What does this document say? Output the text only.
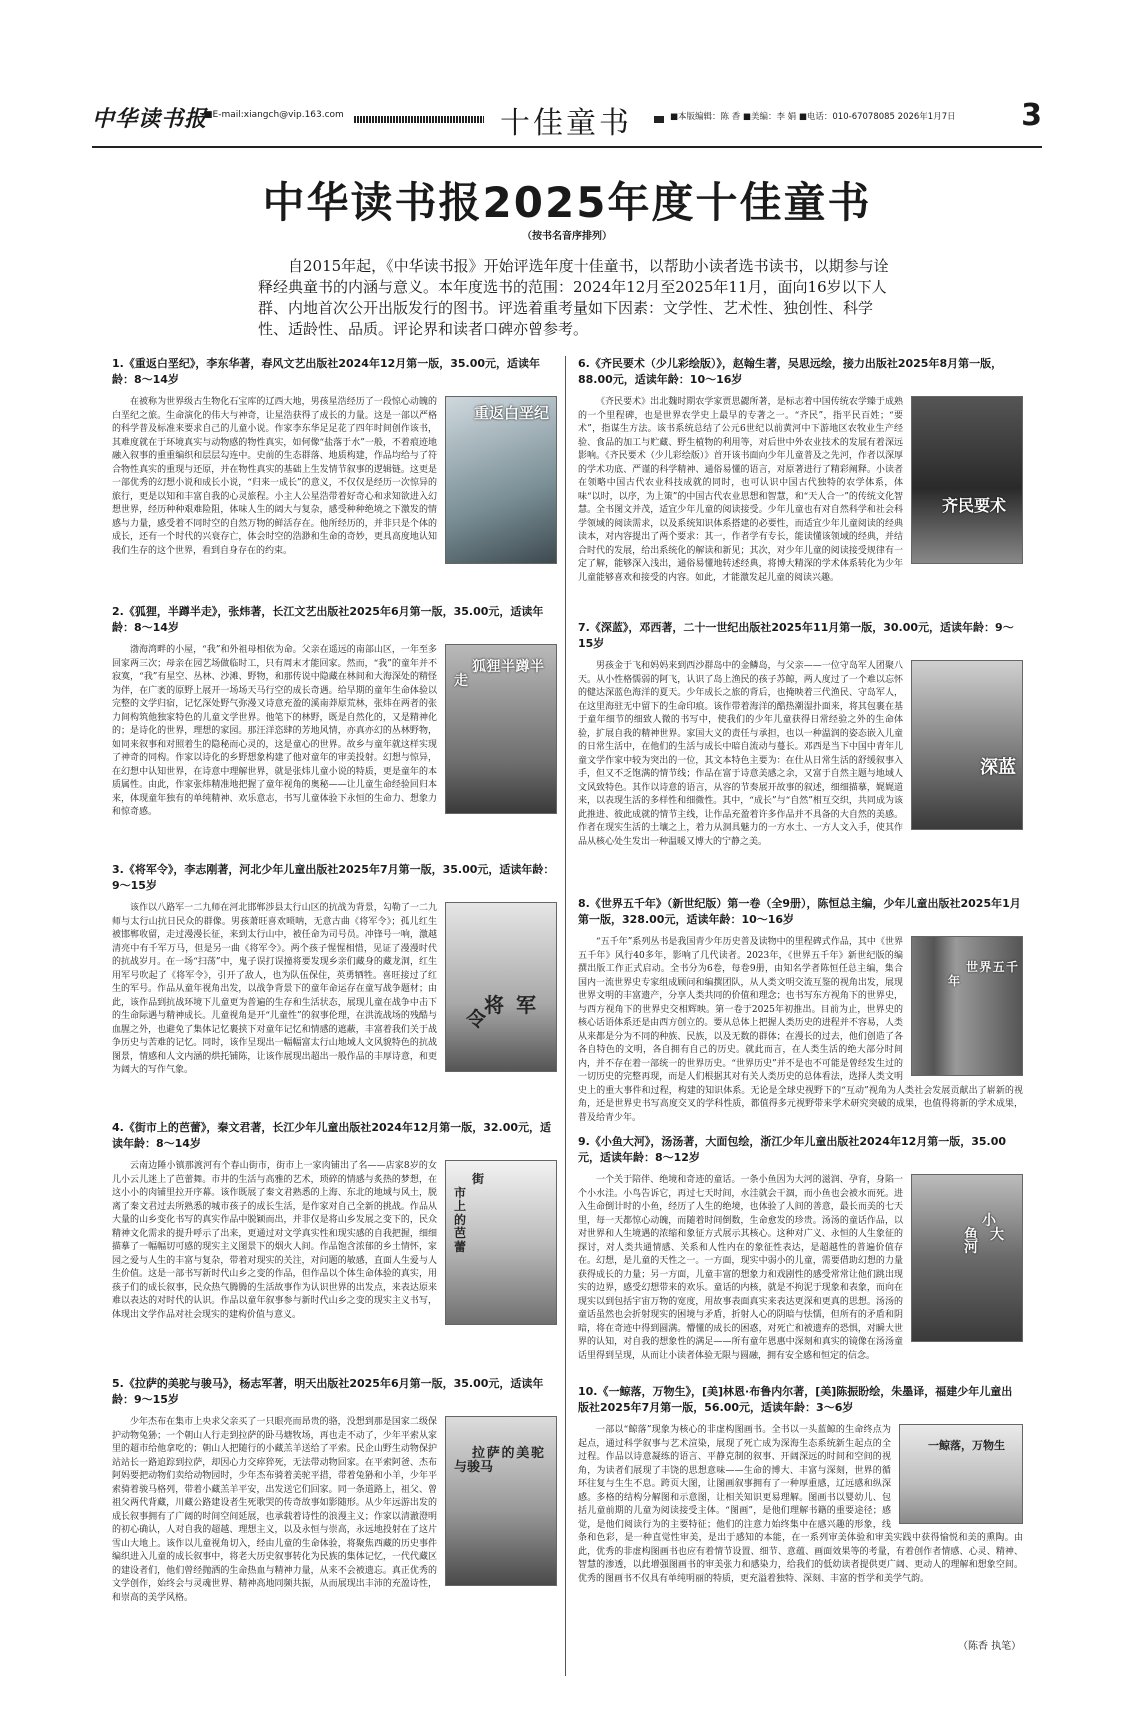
中华读书报
■E-mail:xiangch@vip.163.com	十佳童书	■本版编辑：陈 香 ■美编：李 娟 ■电话：010-67078085 2026年1月7日 3
中华读书报2025年度十佳童书
（按书名音序排列）
自2015年起，《中华读书报》开始评选年度十佳童书，以帮助小读者选书读书，以期参与诠释经典童书的内涵与意义。本年度选书的范围：2024年12月至2025年11月，面向16岁以下人群、内地首次公开出版发行的图书。评选着重考量如下因素：文学性、艺术性、独创性、科学性、适龄性、品质。评论界和读者口碑亦曾参考。
1.《重返白垩纪》，李东华著，春风文艺出版社2024年12月第一版，35.00元，适读年龄：8～14岁
重返白垩纪
在被称为世界级古生物化石宝库的辽西大地，男孩星浩经历了一段惊心动魄的白垩纪之旅。生命演化的伟大与神奇，让星浩获得了成长的力量。这是一部以严格的科学普及标准来要求自己的儿童小说。作家李东华足足花了四年时间创作该书，其难度就在于环境真实与动物感的物性真实，如何像“盐落于水”一般，不着痕迹地融入叙事的重重编织和层层勾连中。史前的生态群落、地质构建，作品均给与了符合物性真实的重现与还原，并在物性真实的基础上生发情节叙事的逻辑链。这更是一部优秀的幻想小说和成长小说，“归来一成长”的意义，不仅仅是经历一次惊异的旅行，更是以知和丰富自我的心灵旅程。小主人公星浩带着好奇心和求知欲进入幻想世界，经历种种艰难险阻，体味人生的阔大与复杂，感受种种绝境之下激发的情感与力量，感受着不同时空的自然万物的鲜活存在。他所经历的，并非只是个体的成长，还有一个时代的兴衰存亡，体会时空的浩渺和生命的奇妙，更具高度地认知我们生存的这个世界，看到自身存在的约束。
2.《狐狸，半蹲半走》，张炜著，长江文艺出版社2025年6月第一版，35.00元，适读年龄：8～14岁
狐狸半蹲半走
渤海湾畔的小屋，“我”和外祖母相依为命。父亲在遥远的南部山区，一年至多回家两三次；母亲在园艺场做临时工，只有周末才能回家。然而，“我”的童年并不寂寞，“我”有星空、丛林、沙滩、野物，和那传说中隐藏在林间和大海深处的精怪为伴，在广袤的原野上展开一场场天马行空的成长奇遇。给早期的童年生命体验以完整的文学归宿，记忆深处野气弥漫又诗意充盈的溪南莽原荒林，张炜在两者的张力间构筑他独家特色的儿童文学世界。他笔下的林野，既是自然化的，又是精神化的；是诗化的世界，理想的家园。那汪洋恣肆的芳地风情，亦真亦幻的丛林野物，如同来叙事和对照着生的隐秘而心灵的，这是童心的世界。故乡与童年就这样实现了神奇的同构。作家以诗化的乡野想象构建了他对童年的审美投射。幻想与惊异，在幻想中认知世界，在诗意中理解世界，就是张炜儿童小说的特质，更是童年的本质属性。由此，作家张炜精准地把握了童年视角的奥秘——让儿童生命经验回归本来，体现童年独有的单纯精神、欢乐意志，书写儿童体验下永恒的生命力、想象力和惊奇感。
3.《将军令》，李志刚著，河北少年儿童出版社2025年7月第一版，35.00元，适读年龄：9～15岁
将军令
该作以八路军一二九师在河北邯郸涉县太行山区的抗战为背景，勾勒了一二九师与太行山抗日民众的群像。男孩萧旺喜欢唢呐，无意古曲《将军令》；孤儿红生被邯郸收留，走过漫漫长征，来到太行山中，被任命为司号员。冲锋号一响，激越清亮中有千军万马，但是另一曲《将军令》。两个孩子惺惺相惜，见证了漫漫时代的抗战岁月。在一场“扫荡”中，鬼子误打误撞将要发现乡亲们藏身的藏龙洞，红生用军号吹起了《将军令》，引开了敌人，也为队伍保住，英勇牺牲。喜旺接过了红生的军号。作品从童年视角出发，以战争背景下的童年命运存在童写战争题材；由此，该作品到抗战环境下儿童更为普遍的生存和生活状态，展现儿童在战争中击下的生命际遇与精神成长。儿童视角是开“儿童性”的叙事伦理，在洪流战场的残酷与血腥之外，也避免了集体记忆裹挟下对童年记忆和情感的遮蔽，丰富着我们关于战争历史与苦难的记忆。同时，该作呈现出一幅幅富太行山地域人文风貌特色的抗战图景，情感和人文内涵的烘托铺陈，让该作展现出超出一般作品的丰厚诗意，和更为阔大的写作气象。
4.《街市上的芭蕾》，秦文君著，长江少年儿童出版社2024年12月第一版，32.00元，适读年龄：8～14岁
街市上的芭蕾
云南边陲小镇那渡河有个春山街市，街市上一家肉铺出了名——店家8岁的女儿小云儿迷上了芭蕾舞。市井的生活与高雅的艺术，琐碎的情感与炙热的梦想，在这小小的肉铺里拉开序幕。该作既展了秦文君熟悉的上海、东北的地域与风土，脱离了秦文君过去所熟悉的城市孩子的成长生活，是作家对自己全新的挑战。作品从大量的山乡变化书写的真实作品中脱颖而出，并非仅是将山乡发展之变下的，民众精神文化需求的提升呼示了出来，更通过对文学真实性和现实感的自我把握，细细描摹了一幅幅切可感的现实主义图景下的烟火人间。作品饱含浓郁的乡土情怀，家园之爱与人生的丰富与复杂，带着对现实的关注，对问题的敏感，直面人生爱与人生价值。这是一部书写新时代山乡之变的作品，但作品以个体生命体验的真实，用孩子们的成长叙事，民众热气腾腾的生活故事作为认识世界的出发点，来表达原来难以表达的对时代的认识。作品以童年叙事参与新时代山乡之变的现实主义书写，体现出文学作品对社会现实的建构价值与意义。
5.《拉萨的美驼与骏马》，杨志军著，明天出版社2025年6月第一版，35.00元，适读年龄：9～15岁
拉萨的美驼与骏马
少年杰布在集市上央求父亲买了一只眼亮而昂贵的骆，没想到那是国家二级保护动物兔狲；一个朝山人行走到拉萨的卧马塘牧场，再也走不动了，少年平索从家里的超市给他拿吃的；朝山人把随行的小藏羔羊送给了平索。民企山野生动物保护站站长一路追踪到拉萨，却因心力交瘁猝死，无法带动物回家。在平索阿爸、杰布阿妈要把动物们卖给动物园时，少年杰布骑着美驼平措，带着兔狲和小羊，少年平索骑着骏马格列，带着小藏羔羊平安，出发送它们回家。同一条道路上，祖父、曾祖父两代背藏，川藏公路建设者生死歌哭的传奇故事如影随形。从少年远游出发的成长叙事拥有了广阔的时间空间延展，也承载着诗性的浪漫主义；作家以清澈澄明的初心确认，人对自我的超越、理想主义，以及永恒与崇高，永远地投射在了这片雪山大地上。该作以儿童视角切入，经由儿童的生命体验，将聚焦西藏的历史事件编织进入儿童的成长叙事中，将老大历史叙事转化为民族的集体记忆，一代代藏区的建设者们，他们曾经抛洒的生命热血与精神力量，从来不会被遗忘。真正优秀的文学创作，始终会与灵魂世界、精神高地同频共振，从而展现出丰沛的充盈诗性，和崇高的美学风格。
6.《齐民要术（少儿彩绘版）》，赵翰生著，吴思远绘，接力出版社2025年8月第一版，88.00元，适读年龄：10～16岁
齐民要术
《齐民要术》出北魏时期农学家贾思勰所著，是标志着中国传统农学臻于成熟的一个里程碑，也是世界农学史上最早的专著之一。“齐民”，指平民百姓；“要术”，指谋生方法。该书系统总结了公元6世纪以前黄河中下游地区农牧业生产经验、食品的加工与贮藏、野生植物的利用等，对后世中外农业技术的发展有着深远影响。《齐民要术（少儿彩绘版）》首开该书面向少年儿童普及之先河，作者以深厚的学术功底、严谨的科学精神、通俗易懂的语言，对原著进行了精彩阐释。小读者在领略中国古代农业科技成就的同时，也可认识中国古代独特的农学体系，体味“以时，以序，为上策”的中国古代农业思想和智慧，和“天人合一”的传统文化智慧。全书图文并茂，适宜少年儿童的阅读接受。少年儿童也有对自然科学和社会科学领域的阅读需求，以及系统知识体系搭建的必要性，而适宜少年儿童阅读的经典读本，对内容提出了两个要求：其一，作者学有专长，能读懂该领域的经典，并结合时代的发展，给出系统化的解读和新见；其次，对少年儿童的阅读接受规律有一定了解，能够深入浅出，通俗易懂地转述经典，将博大精深的学术体系转化为少年儿童能够喜欢和接受的内容。如此，才能激发起儿童的阅读兴趣。
7.《深蓝》，邓西著，二十一世纪出版社2025年11月第一版，30.00元，适读年龄：9～15岁
深蓝
男孩金于飞和妈妈来到西沙群岛中的金鳞岛，与父亲——一位守岛军人团聚八天。从小性格懦弱的阿飞，认识了岛上渔民的孩子苏鲸，两人度过了一个难以忘怀的健达深蓝色海洋的夏天。少年成长之旅的背后，也掩映着三代渔民、守岛军人，在这里海驻无中留下的生命印痕。该作带着海洋的酷热潮湿扑面来，将其包裹在基于童年细节的细致人微的书写中，使我们的少年儿童获得日常经验之外的生命体验，扩展自我的精神世界。家国大义的责任与承担，也以一种温润的姿态嵌入儿童的日常生活中，在他们的生活与成长中暗自流动与蔓长。邓西是当下中国中青年儿童文学作家中较为突出的一位，其文本特色主要为：在仕从日常生活的舒缓叙事入手，但又不乏饱满的情节线；作品在富于诗意美感之余，又富于自然主题与地域人文风致特色。其作以诗意的语言，从容的节奏展开故事的叙述，细细描摹，娓娓道来，以表现生活的多样性和细微性。其中，“成长”与“自然”相互交织，共同成为该此推进、彼此成就的情节主线，让作品充盈着许多作品并不具备的大自然的美感。作者在现实生活的土壤之上，着力从洞具魅力的一方水土、一方人文入手，使其作品从核心处生发出一种温暖又博大的宁静之美。
8.《世界五千年》（新世纪版）第一卷（全9册），陈恒总主编，少年儿童出版社2025年1月第一版，328.00元，适读年龄：10～16岁
世界五千年
“五千年”系列丛书是我国青少年历史普及读物中的里程碑式作品，其中《世界五千年》风行40多年，影响了几代读者。2023年，《世界五千年》新世纪版的编撰出版工作正式启动。全书分为6卷，每卷9册，由知名学者陈恒任总主编，集合国内一流世界史专家组成顾问和编撰团队，从人类文明交流互鉴的视角出发，展现世界文明的丰富遗产，分享人类共同的价值和理念；也书写东方视角下的世界史，与西方视角下的世界史交相辉映。第一卷于2025年初推出。目前为止，世界史的核心话语体系还是由西方创立的。要从总体上把握人类历史的进程并不容易，人类从来都是分为不同的种族、民族，以及无数的群体；在漫长的过去，他们创造了各各自特色的文明，各自拥有自己的历史。就此而言，在人类生活的绝大部分时间内，并不存在着一部统一的世界历史。“世界历史”并不是也不可能是曾经发生过的一切历史的完整再现，而是人们根据其对有关人类历史的总体看法，选择人类文明史上的重大事件和过程，构建的知识体系。无论是全球史视野下的“互动”视角为人类社会发展贡献出了崭新的视角，还是世界史书写高度交叉的学科性质，都值得多元视野带来学术研究突破的成果，也值得将新的学术成果，普及给青少年。
9.《小鱼大河》，汤汤著，大面包绘，浙江少年儿童出版社2024年12月第一版，35.00元，适读年龄：8～12岁
小鱼大河
一个关于陪伴、绝境和奇迹的童话。一条小鱼因为大河的滋润、孕育，身陷一个小水洼。小鸟告诉它，再过七天时间，水洼就会干涸，而小鱼也会被水而死。进入生命倒计时的小鱼，经历了人生的绝境，也体验了人间的善意，最长而美的七天里，每一天都惊心动魄，而随着时间倒数，生命愈发的珍贵。汤汤的童话作品，以对世界和人生境遇的浓缩和象征方式展示其核心。这种对广义、永恒的人生象征的探讨，对人类共通情感、关系和人性内在的象征性表达，是超越性的普遍价值存在。幻想，是儿童的天性之一。一方面，现实中弱小的儿童，需要借助幻想的力量获得成长的力量；另一方面，儿童丰富的想象力和戏剧性的感受常常让他们跳出现实的边界，感受幻想带来的欢乐。童话的内核，就是不拘泥于现象和表象，而向在现实以到包括宇宙万物的宽度，用故事表面真实来表达更深和更真的思想。汤汤的童话虽然也会折射现实的困境与矛盾，折射人心的阴暗与怯懦，但所有的矛盾和阴暗，将在奇迹中得到圆满。懵懂的成长的困惑，对死亡和被遗弃的恐惧，对瞬大世界的认知，对自我的想象性的满足——所有童年恩惠中深刻和真实的镜像在汤汤童话里得到呈现，从而让小读者体验无限与圆融，拥有安全感和恒定的信念。
10.《一鲸落，万物生》，[美]林恩·布鲁内尔著，[美]陈振盼绘，朱墨译，福建少年儿童出版社2025年7月第一版，56.00元，适读年龄：3～6岁
一鲸落，万物生
一部以“鲸落”现象为核心的非虚构图画书。全书以一头蓝鲸的生命终点为起点，通过科学叙事与艺术渲染，展现了死亡成为深海生态系统新生起点的全过程。作品以诗意凝练的语言、平静克制的叙事、开阔深远的时间和空间的视角，为读者们展现了丰饶的思想意味——生命的博大、丰富与深刻，世界的循环往复与生生不息。跨页大图，让图画叙事拥有了一种厚重感，辽远感和纵深感。多格的结构分解图和示意图，让相关知识更易理解。图画书以婴幼儿、包括儿童前期的儿童为阅读接受主体。“图画”，是他们理解书籍的重要途径；感觉，是他们阅读行为的主要特征；他们的注意力始终集中在感兴趣的形象，线条和色彩，是一种直觉性审美，是出于感知的本能，在一系列审美体验和审美实践中获得愉悦和美的熏陶。由此，优秀的非虚构图画书也应有着情节设置、细节、意蕴、画面效果等的考量，有着创作者情感、心灵、精神、智慧的渗透，以此增强图画书的审美张力和感染力，给我们的低幼读者提供更广阔、更动人的理解和想象空间。优秀的图画书不仅具有单纯明丽的特质，更充溢着独特、深刻、丰富的哲学和美学气韵。
（陈香 执笔）
